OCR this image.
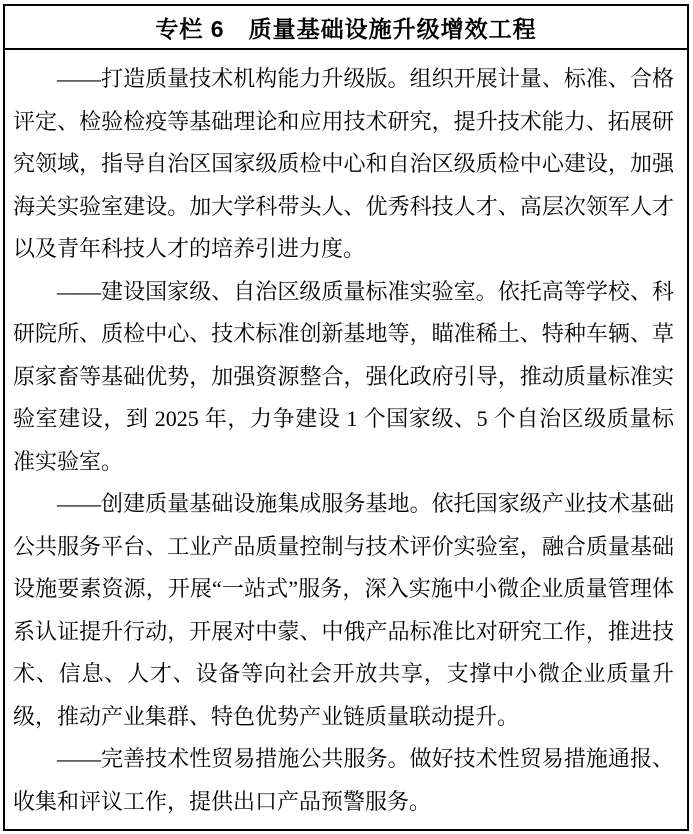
专栏 6　质量基础设施升级增效工程

——打造质量技术机构能力升级版。组织开展计量、标准、合格评定、检验检疫等基础理论和应用技术研究，提升技术能力、拓展研究领域，指导自治区国家级质检中心和自治区级质检中心建设，加强海关实验室建设。加大学科带头人、优秀科技人才、高层次领军人才以及青年科技人才的培养引进力度。

——建设国家级、自治区级质量标准实验室。依托高等学校、科研院所、质检中心、技术标准创新基地等，瞄准稀土、特种车辆、草原家畜等基础优势，加强资源整合，强化政府引导，推动质量标准实验室建设，到 2025 年，力争建设 1 个国家级、5 个自治区级质量标准实验室。

——创建质量基础设施集成服务基地。依托国家级产业技术基础公共服务平台、工业产品质量控制与技术评价实验室，融合质量基础设施要素资源，开展“一站式”服务，深入实施中小微企业质量管理体系认证提升行动，开展对中蒙、中俄产品标准比对研究工作，推进技术、信息、人才、设备等向社会开放共享，支撑中小微企业质量升级，推动产业集群、特色优势产业链质量联动提升。

——完善技术性贸易措施公共服务。做好技术性贸易措施通报、收集和评议工作，提供出口产品预警服务。
